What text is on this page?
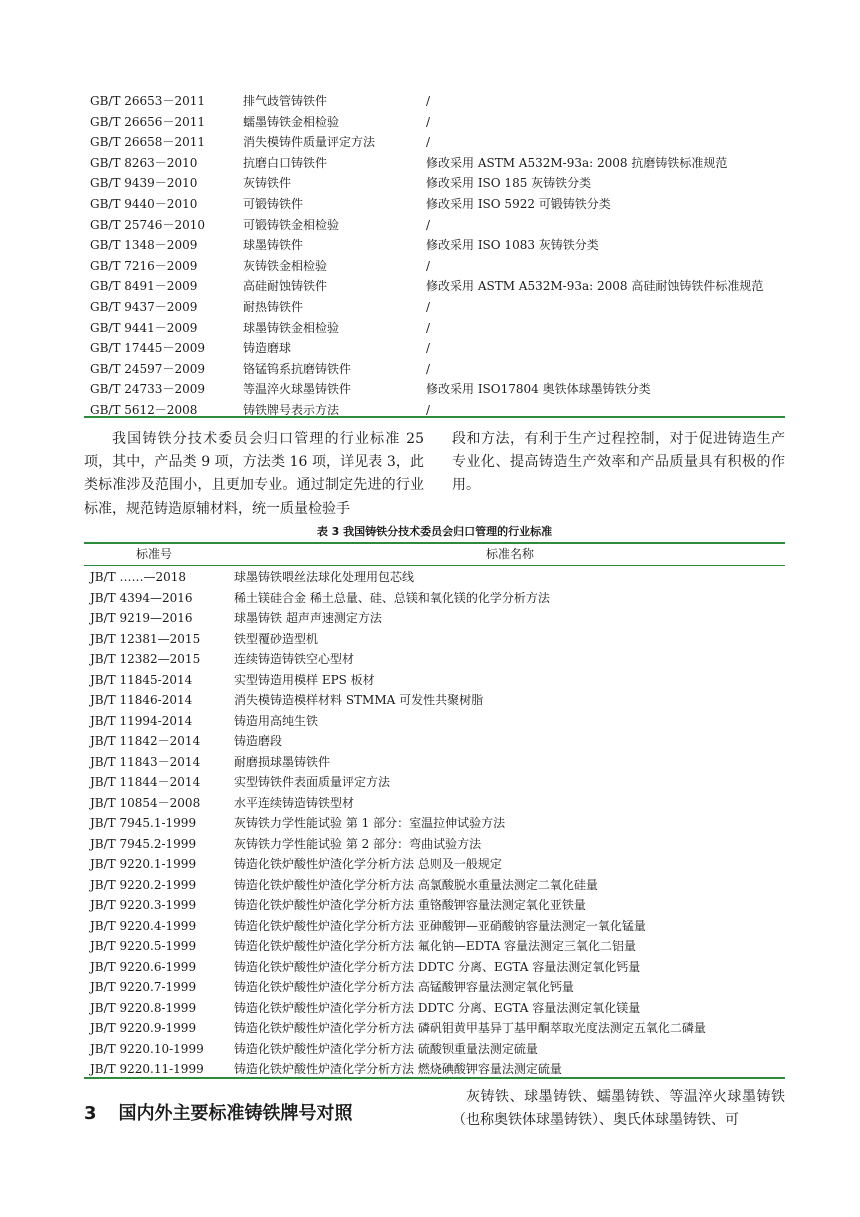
GB/T 26653－2011	排气歧管铸铁件	/
GB/T 26656－2011	蠕墨铸铁金相检验	/
GB/T 26658－2011	消失模铸件质量评定方法	/
GB/T 8263－2010	抗磨白口铸铁件	修改采用 ASTM A532M-93a: 2008 抗磨铸铁标准规范
GB/T 9439－2010	灰铸铁件	修改采用 ISO 185 灰铸铁分类
GB/T 9440－2010	可锻铸铁件	修改采用 ISO 5922 可锻铸铁分类
GB/T 25746－2010	可锻铸铁金相检验	/
GB/T 1348－2009	球墨铸铁件	修改采用 ISO 1083 灰铸铁分类
GB/T 7216－2009	灰铸铁金相检验	/
GB/T 8491－2009	高硅耐蚀铸铁件	修改采用 ASTM A532M-93a: 2008 高硅耐蚀铸铁件标准规范
GB/T 9437－2009	耐热铸铁件	/
GB/T 9441－2009	球墨铸铁金相检验	/
GB/T 17445－2009	铸造磨球	/
GB/T 24597－2009	铬锰钨系抗磨铸铁件	/
GB/T 24733－2009	等温淬火球墨铸铁件	修改采用 ISO17804 奥铁体球墨铸铁分类
GB/T 5612－2008	铸铁牌号表示方法	/
我国铸铁分技术委员会归口管理的行业标准 25 项，其中，产品类 9 项，方法类 16 项，详见表 3，此类标准涉及范围小，且更加专业。通过制定先进的行业标准，规范铸造原辅材料，统一质量检验手
段和方法，有利于生产过程控制，对于促进铸造生产专业化、提高铸造生产效率和产品质量具有积极的作用。
表 3 我国铸铁分技术委员会归口管理的行业标准
标准号	标准名称
JB/T ……—2018	球墨铸铁喂丝法球化处理用包芯线
JB/T 4394—2016	稀土镁硅合金 稀土总量、硅、总镁和氧化镁的化学分析方法
JB/T 9219—2016	球墨铸铁 超声声速测定方法
JB/T 12381—2015	铁型覆砂造型机
JB/T 12382—2015	连续铸造铸铁空心型材
JB/T 11845-2014	实型铸造用模样 EPS 板材
JB/T 11846-2014	消失模铸造模样材料 STMMA 可发性共聚树脂
JB/T 11994-2014	铸造用高纯生铁
JB/T 11842－2014	铸造磨段
JB/T 11843－2014	耐磨损球墨铸铁件
JB/T 11844－2014	实型铸铁件表面质量评定方法
JB/T 10854－2008	水平连续铸造铸铁型材
JB/T 7945.1-1999	灰铸铁力学性能试验 第 1 部分：室温拉伸试验方法
JB/T 7945.2-1999	灰铸铁力学性能试验 第 2 部分：弯曲试验方法
JB/T 9220.1-1999	铸造化铁炉酸性炉渣化学分析方法 总则及一般规定
JB/T 9220.2-1999	铸造化铁炉酸性炉渣化学分析方法 高氯酸脱水重量法测定二氧化硅量
JB/T 9220.3-1999	铸造化铁炉酸性炉渣化学分析方法 重铬酸钾容量法测定氧化亚铁量
JB/T 9220.4-1999	铸造化铁炉酸性炉渣化学分析方法 亚砷酸钾—亚硝酸钠容量法测定一氧化锰量
JB/T 9220.5-1999	铸造化铁炉酸性炉渣化学分析方法 氟化钠—EDTA 容量法测定三氧化二铝量
JB/T 9220.6-1999	铸造化铁炉酸性炉渣化学分析方法 DDTC 分离、EGTA 容量法测定氧化钙量
JB/T 9220.7-1999	铸造化铁炉酸性炉渣化学分析方法 高锰酸钾容量法测定氧化钙量
JB/T 9220.8-1999	铸造化铁炉酸性炉渣化学分析方法 DDTC 分离、EGTA 容量法测定氧化镁量
JB/T 9220.9-1999	铸造化铁炉酸性炉渣化学分析方法 磷矾钼黄甲基异丁基甲酮萃取光度法测定五氧化二磷量
JB/T 9220.10-1999	铸造化铁炉酸性炉渣化学分析方法 硫酸钡重量法测定硫量
JB/T 9220.11-1999	铸造化铁炉酸性炉渣化学分析方法 燃烧碘酸钾容量法测定硫量
3 国内外主要标准铸铁牌号对照
灰铸铁、球墨铸铁、蠕墨铸铁、等温淬火球墨铸铁（也称奥铁体球墨铸铁）、奥氏体球墨铸铁、可
